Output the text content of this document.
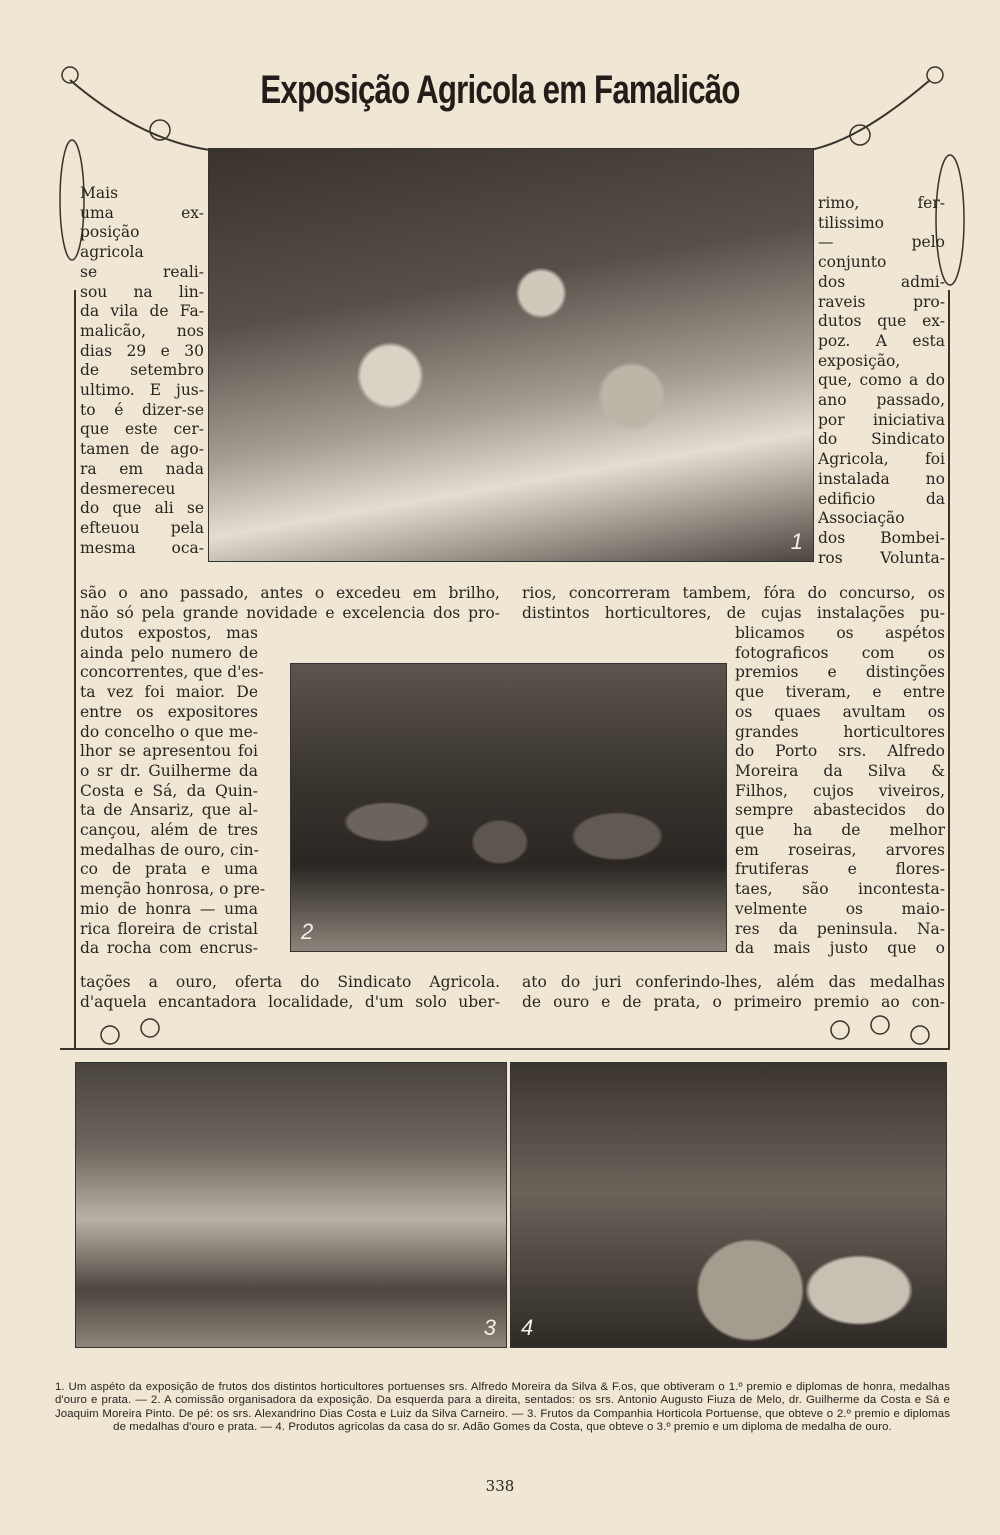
Exposição Agricola em Famalicão
1
2
3 4
Mais
uma ex-
posição
agricola
se reali-
sou na lin-
da vila de Fa-
malicão, nos
dias 29 e 30
de setembro
ultimo. E jus-
to é dizer-se
que este cer-
tamen de ago-
ra em nada
desmereceu
do que ali se
efteuou pela
mesma oca-
rimo, fer-
tilissimo
— pelo
conjunto
dos admi-
raveis pro-
dutos que ex-
poz. A esta
exposição,
que, como a do
ano passado,
por iniciativa
do Sindicato
Agricola, foi
instalada no
edificio da
Associação
dos Bombei-
ros Volunta-
são o ano passado, antes o excedeu em brilho,
não só pela grande novidade e excelencia dos pro-
dutos expostos, mas
ainda pelo numero de
concorrentes, que d'es-
ta vez foi maior. De
entre os expositores
do concelho o que me-
lhor se apresentou foi
o sr dr. Guilherme da
Costa e Sá, da Quin-
ta de Ansariz, que al-
cançou, além de tres
medalhas de ouro, cin-
co de prata e uma
menção honrosa, o pre-
mio de honra — uma
rica floreira de cristal
da rocha com encrus-
tações a ouro, oferta do Sindicato Agricola.
d'aquela encantadora localidade, d'um solo uber-
rios, concorreram tambem, fóra do concurso, os
distintos horticultores, de cujas instalações pu-
blicamos os aspétos
fotograficos com os
premios e distinções
que tiveram, e entre
os quaes avultam os
grandes horticultores
do Porto srs. Alfredo
Moreira da Silva &
Filhos, cujos viveiros,
sempre abastecidos do
que ha de melhor
em roseiras, arvores
frutiferas e flores-
taes, são incontesta-
velmente os maio-
res da peninsula. Na-
da mais justo que o
ato do juri conferindo-lhes, além das medalhas
de ouro e de prata, o primeiro premio ao con-
1. Um aspéto da exposição de frutos dos distintos horticultores portuenses srs. Alfredo Moreira da Silva & F.os, que obtiveram o 1.º premio e diplomas de honra, medalhas d'ouro e prata. — 2. A comissão organisadora da exposição. Da esquerda para a direita, sentados: os srs. Antonio Augusto Fiuza de Melo, dr. Guilherme da Costa e Sá e Joaquim Moreira Pinto. De pé: os srs. Alexandrino Dias Costa e Luiz da Silva Carneiro. — 3. Frutos da Companhia Horticola Portuense, que obteve o 2.º premio e diplomas de medalhas d'ouro e prata. — 4. Produtos agricolas da casa do sr. Adão Gomes da Costa, que obteve o 3.º premio e um diploma de medalha de ouro.
338
